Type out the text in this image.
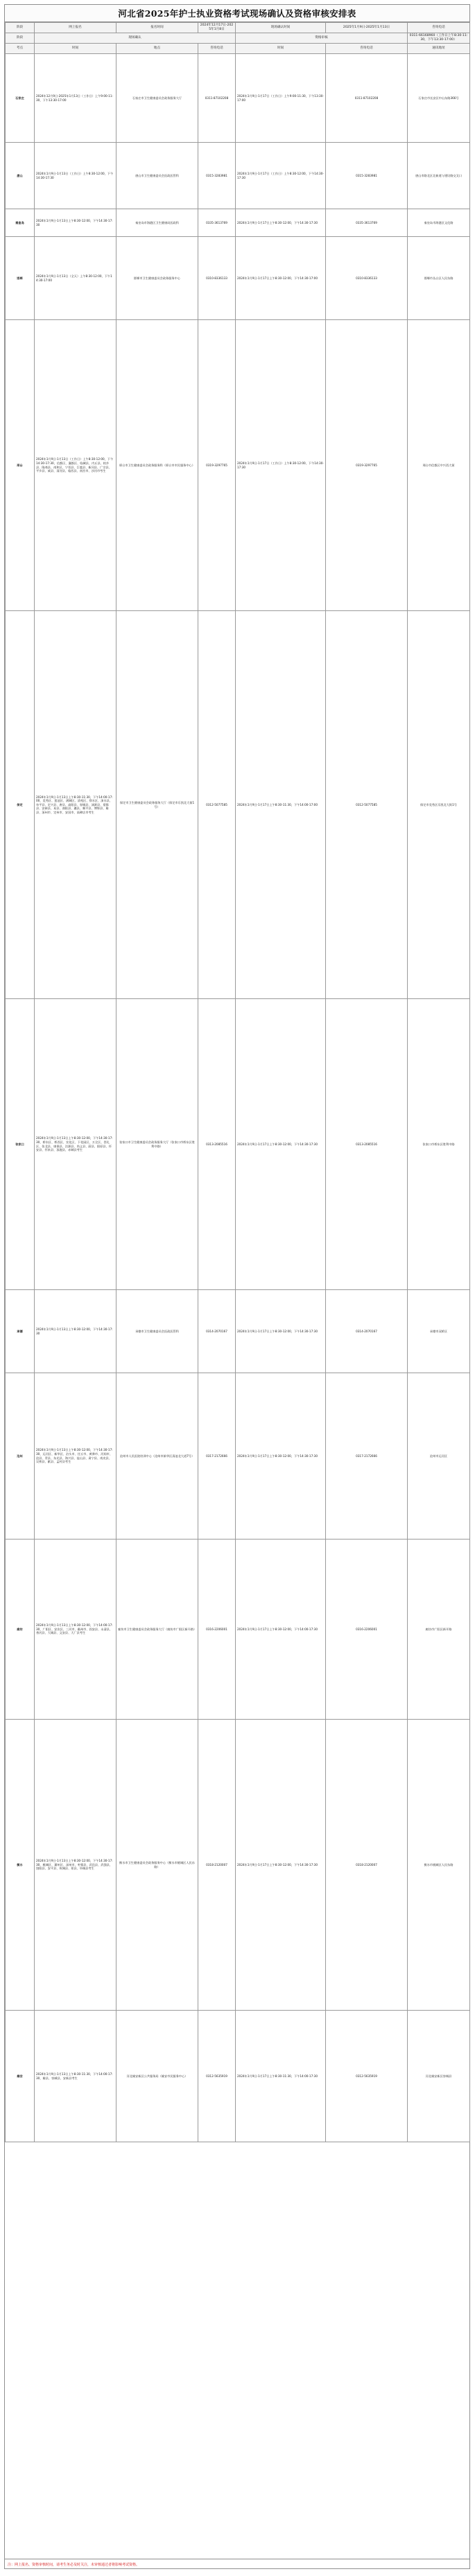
河北省2025年护士执业资格考试现场确认及资格审核安排表
阶段	网上报名	报名时间	2024年12月17日-2025年1月8日	现场确认时间	2025年1月9日-2025年1月13日	咨询电话
阶段	现场确认			资格审核		0311-66168960（工作日上午8:30-11:30，下午13:30-17:00）
考点	时间	地点	咨询电话	时间	咨询电话	通讯地址
石家庄	2024年12月9日-2025年1月13日（工作日）上午9:00-11:30，下午13:30-17:00	石家庄市卫生健康委员会政务服务大厅	0311-87102208	2024年1月9日-1月17日（工作日）上午9:00-11:30，下午13:30-17:00	0311-87102208	石家庄市长安区中山东路366号
唐山	2024年1月9日-1月13日（工作日）上午8:30-12:00，下午14:30-17:30	唐山市卫生健康委员会医政医管科	0315-3283981	2024年1月9日-1月17日（工作日）上午8:30-12:00，下午14:30-17:30	0315-3283981	唐山市路北区北新道与建设路交叉口
秦皇岛	2024年1月9日-1月13日上午8:30-12:00，下午14:30-17:30	秦皇岛市海港区卫生健康局医政科	0335-3613769	2024年1月9日-1月17日上午8:30-12:00，下午14:30-17:30	0335-3613769	秦皇岛市海港区文化路
邯郸	2024年1月9日-1月13日（全天）上午8:30-12:00，下午14:30-17:00	邯郸市卫生健康委员会政务服务中心	0310-8336133	2024年1月9日-1月17日上午8:30-12:00，下午14:30-17:00	0310-8336133	邯郸市丛台区人民东路
邢台	2024年1月9日-1月13日（工作日）上午8:30-12:00，下午14:30-17:30，信都区、襄都区、临城县、内丘县、柏乡县、隆尧县、南和区、宁晋县、巨鹿县、新河县、广宗县、平乡县、威县、清河县、临西县、南宫市、沙河市考生	邢台市卫生健康委员会政务服务科（邢台市市民服务中心）	0319-3297765	2024年1月9日-1月17日（工作日）上午8:30-12:00，下午14:30-17:30	0319-3297765	邢台市信都区中兴西大街
保定	2024年1月9日-1月13日上午8:30-11:30，下午14:00-17:00，竞秀区、莲池区、满城区、清苑区、徐水区、涞水县、阜平县、定兴县、唐县、高阳县、容城县、涞源县、望都县、安新县、易县、曲阳县、蠡县、顺平县、博野县、雄县、涿州市、定州市、安国市、高碑店市考生	保定市卫生健康委员会政务服务大厅（保定市乐凯北大街1号）	0312-5077585	2024年1月9日-1月17日上午8:30-11:30，下午14:00-17:00	0312-5077585	保定市竞秀区乐凯北大街1号
张家口	2024年1月9日-1月13日上午8:30-12:00，下午14:30-17:30，桥东区、桥西区、宣化区、下花园区、万全区、崇礼区、张北县、康保县、沽源县、尚义县、蔚县、阳原县、怀安县、怀来县、涿鹿县、赤城县考生	张家口市卫生健康委员会政务服务大厅（张家口市桥东区胜利中路）	0313-2085516	2024年1月9日-1月17日上午8:30-12:00，下午14:30-17:30	0313-2085516	张家口市桥东区胜利中路
承德	2024年1月9日-1月13日上午8:30-12:00，下午14:30-17:30	承德市卫生健康委员会医政医管科	0314-2070167	2024年1月9日-1月17日上午8:30-12:00，下午14:30-17:30	0314-2070167	承德市双桥区
沧州	2024年1月9日-1月13日上午8:30-12:00，下午14:30-17:30，运河区、新华区、泊头市、任丘市、黄骅市、河间市、沧县、青县、东光县、海兴县、盐山县、肃宁县、南皮县、吴桥县、献县、孟村县考生	沧州市人民医院培训中心（沧州市新华区清池北大道7号）	0317-2172666	2024年1月9日-1月17日上午8:30-12:00，下午14:30-17:30	0317-2172666	沧州市运河区
廊坊	2024年1月9日-1月13日上午8:30-12:00，下午14:00-17:30，广阳区、安次区、三河市、霸州市、固安县、永清县、香河县、大城县、文安县、大厂县考生	廊坊市卫生健康委员会政务服务大厅（廊坊市广阳区新开路）	0316-2206001	2024年1月9日-1月17日上午8:30-12:00，下午14:00-17:30	0316-2206001	廊坊市广阳区新开路
衡水	2024年1月9日-1月13日上午8:30-12:00，下午14:30-17:30，桃城区、冀州区、深州市、枣强县、武邑县、武强县、饶阳县、安平县、故城县、景县、阜城县考生	衡水市卫生健康委员会政务服务中心（衡水市桃城区人民东路）	0318-2120007	2024年1月9日-1月17日上午8:30-12:00，下午14:30-17:30	0318-2120007	衡水市桃城区人民东路
雄安	2024年1月9日-1月13日上午8:30-11:30，下午14:00-17:30，雄县、容城县、安新县考生	河北雄安新区公共服务局（雄安市民服务中心）	0312-5635919	2024年1月9日-1月17日上午8:30-11:30，下午14:00-17:30	0312-5635919	河北雄安新区容城县
注：网上报名、资格审核时间，请考生务必及时关注，未审核通过者将影响考试资格。
